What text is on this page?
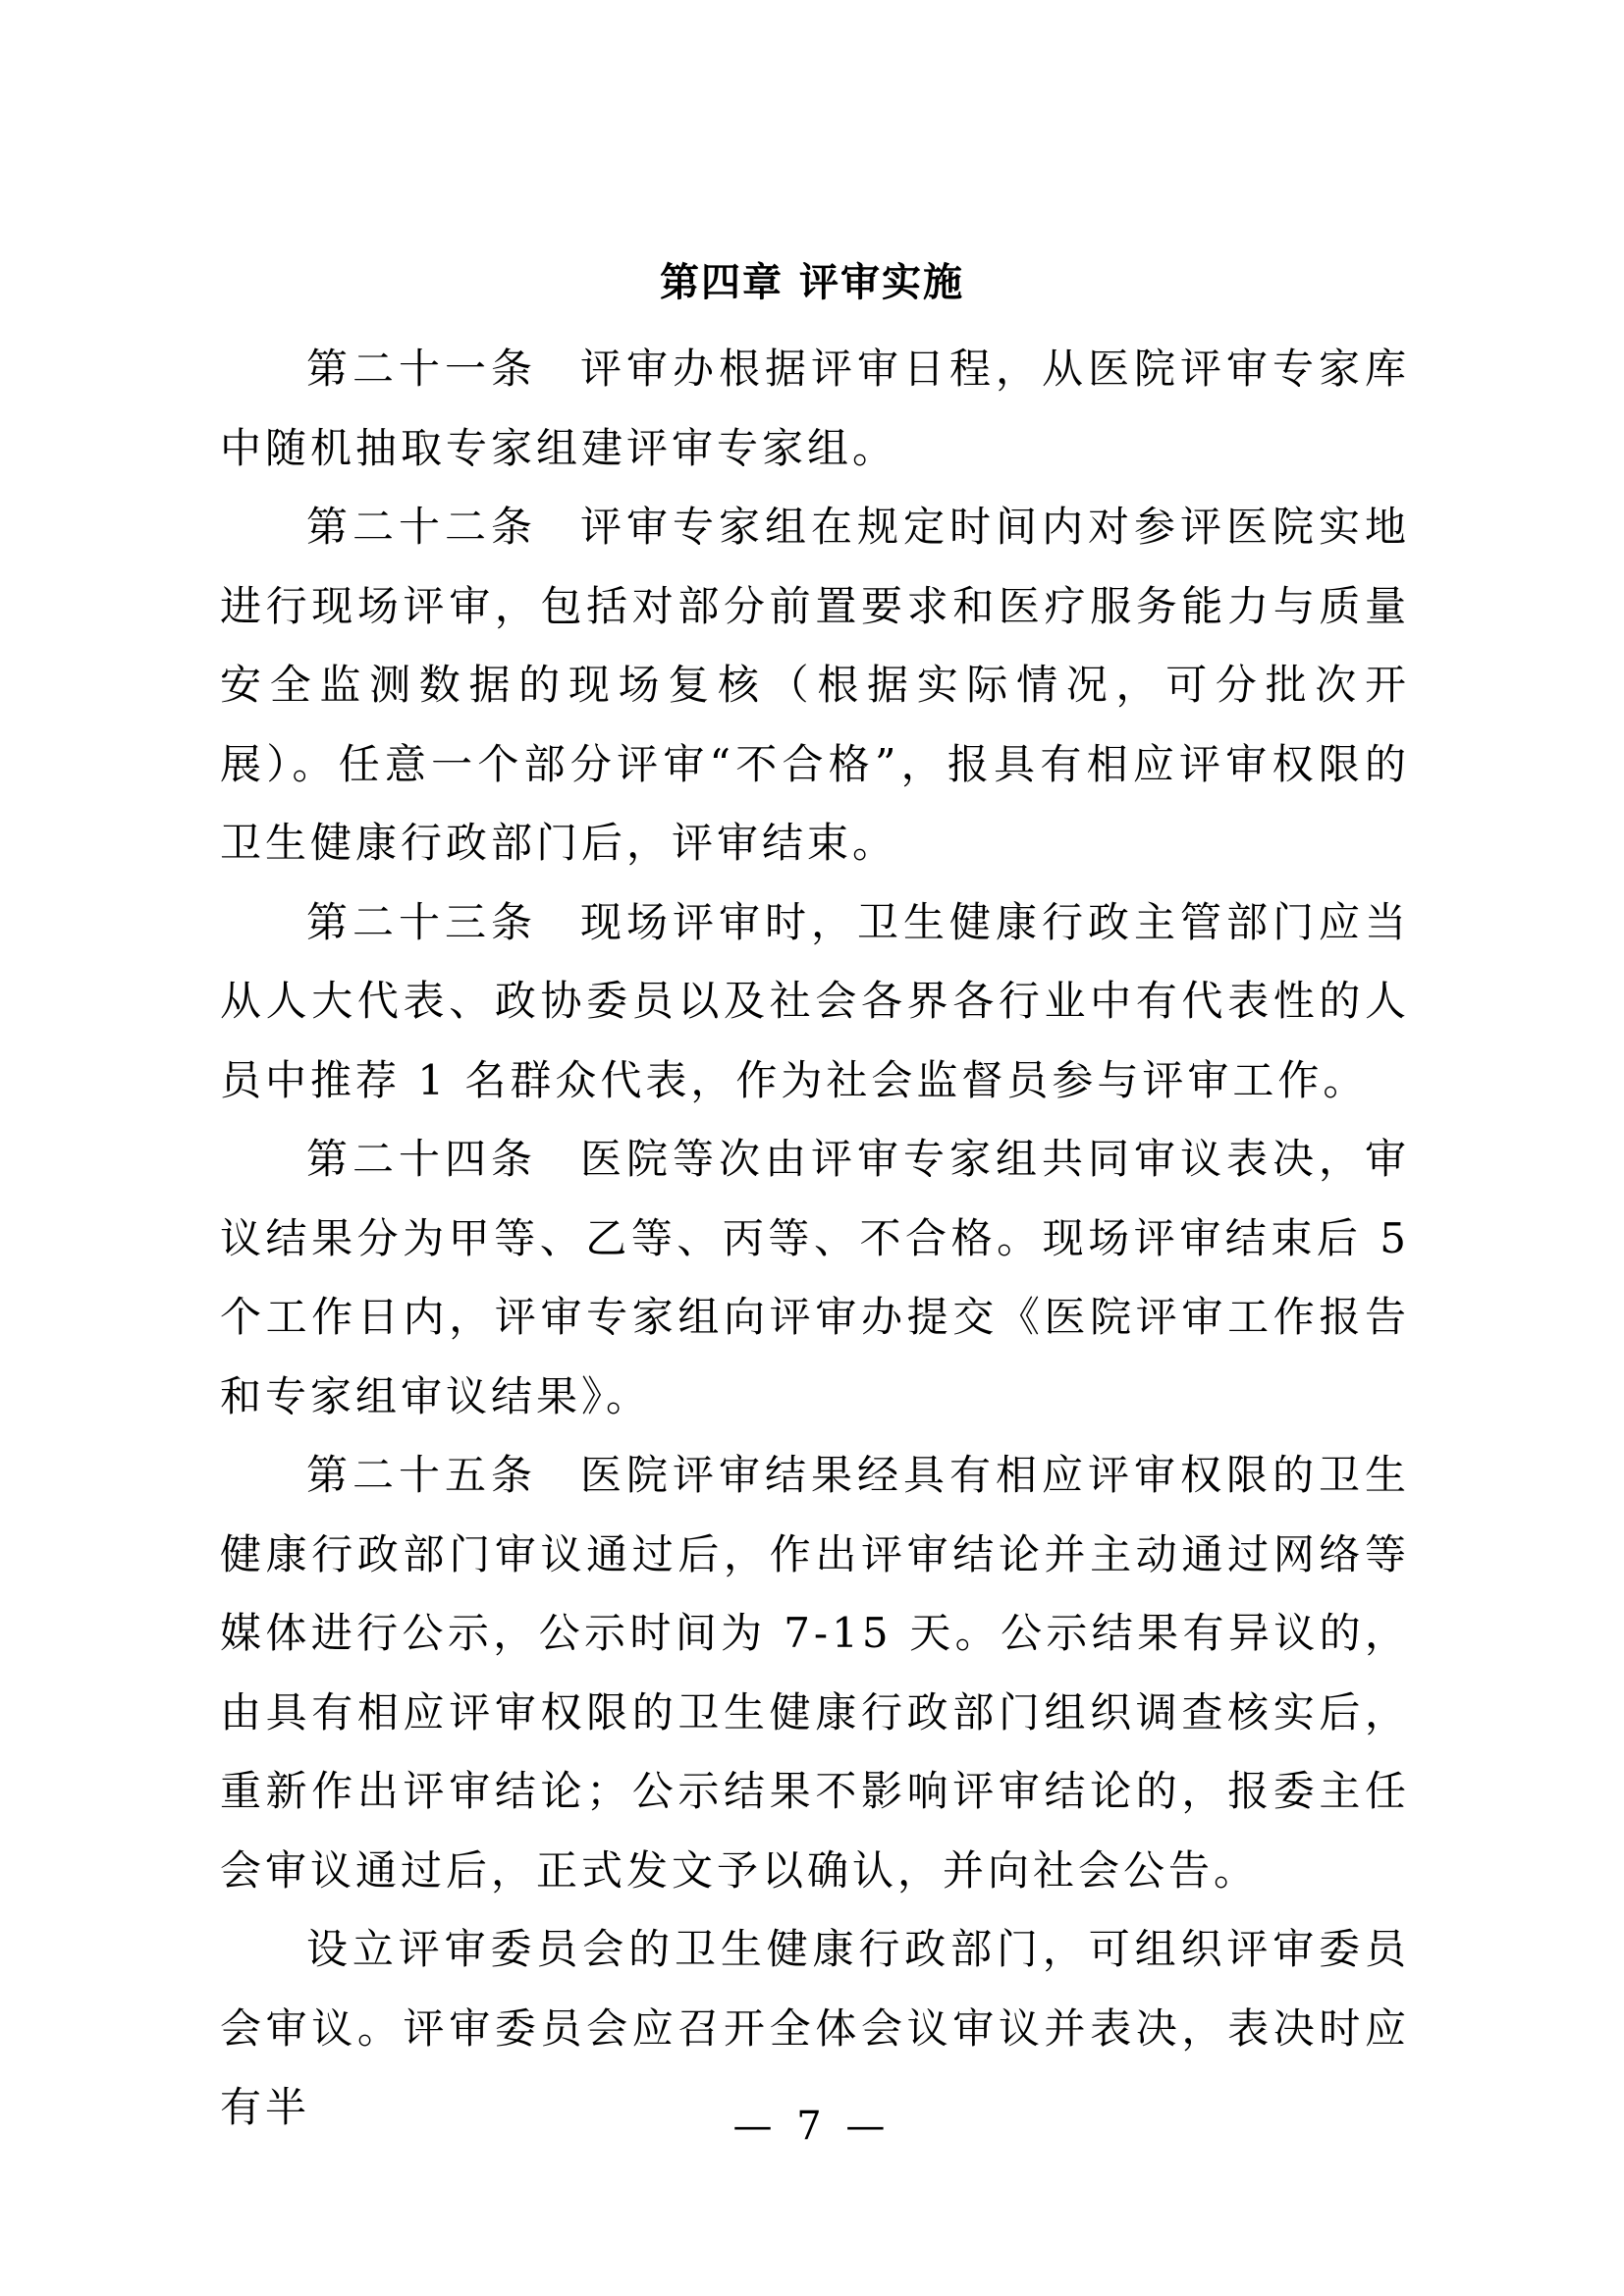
第四章 评审实施

第二十一条 评审办根据评审日程，从医院评审专家库中随机抽取专家组建评审专家组。

第二十二条 评审专家组在规定时间内对参评医院实地进行现场评审，包括对部分前置要求和医疗服务能力与质量安全监测数据的现场复核（根据实际情况，可分批次开展）。任意一个部分评审“不合格”，报具有相应评审权限的卫生健康行政部门后，评审结束。

第二十三条 现场评审时，卫生健康行政主管部门应当从人大代表、政协委员以及社会各界各行业中有代表性的人员中推荐 1 名群众代表，作为社会监督员参与评审工作。

第二十四条 医院等次由评审专家组共同审议表决，审议结果分为甲等、乙等、丙等、不合格。现场评审结束后 5 个工作日内，评审专家组向评审办提交《医院评审工作报告和专家组审议结果》。

第二十五条 医院评审结果经具有相应评审权限的卫生健康行政部门审议通过后，作出评审结论并主动通过网络等媒体进行公示，公示时间为 7-15 天。公示结果有异议的，由具有相应评审权限的卫生健康行政部门组织调查核实后，重新作出评审结论；公示结果不影响评审结论的，报委主任会审议通过后，正式发文予以确认，并向社会公告。

设立评审委员会的卫生健康行政部门，可组织评审委员会审议。评审委员会应召开全体会议审议并表决，表决时应有半	— 7 —
